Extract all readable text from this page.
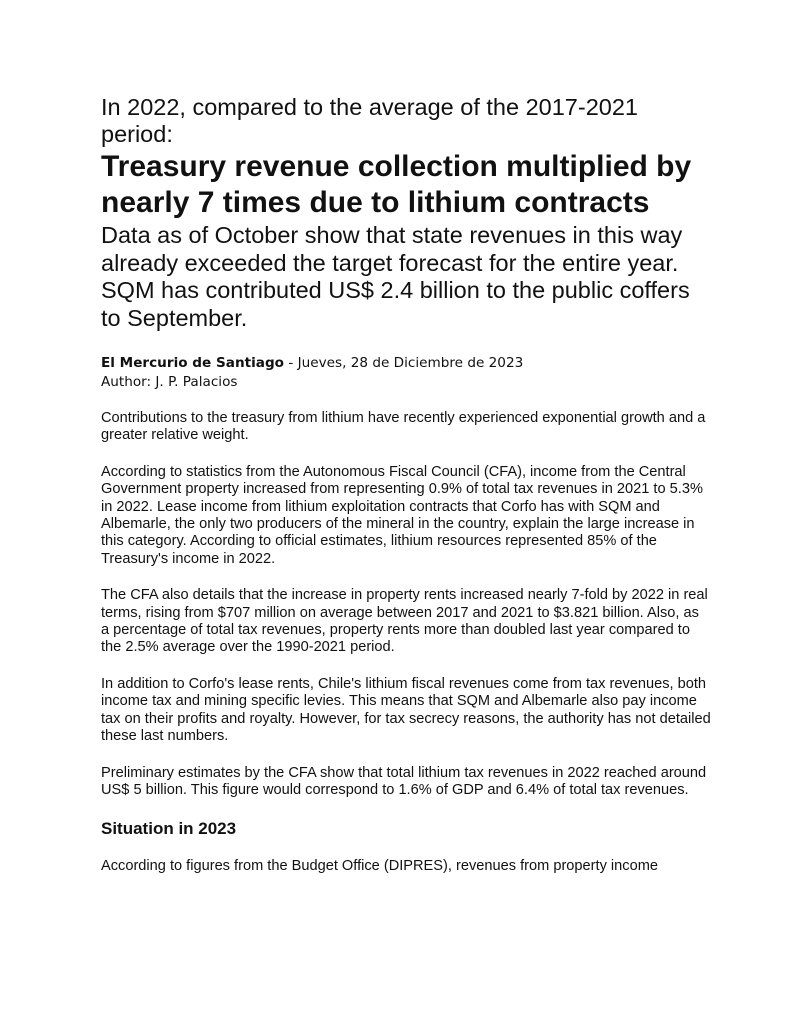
In 2022, compared to the average of the 2017-2021 period:

Treasury revenue collection multiplied by nearly 7 times due to lithium contracts

Data as of October show that state revenues in this way already exceeded the target forecast for the entire year. SQM has contributed US$ 2.4 billion to the public coffers to September.

El Mercurio de Santiago - Jueves, 28 de Diciembre de 2023
Author: J. P. Palacios

Contributions to the treasury from lithium have recently experienced exponential growth and a greater relative weight.

According to statistics from the Autonomous Fiscal Council (CFA), income from the Central Government property increased from representing 0.9% of total tax revenues in 2021 to 5.3% in 2022. Lease income from lithium exploitation contracts that Corfo has with SQM and Albemarle, the only two producers of the mineral in the country, explain the large increase in this category. According to official estimates, lithium resources represented 85% of the Treasury's income in 2022.

The CFA also details that the increase in property rents increased nearly 7-fold by 2022 in real terms, rising from $707 million on average between 2017 and 2021 to $3.821 billion. Also, as a percentage of total tax revenues, property rents more than doubled last year compared to the 2.5% average over the 1990-2021 period.

In addition to Corfo's lease rents, Chile's lithium fiscal revenues come from tax revenues, both income tax and mining specific levies. This means that SQM and Albemarle also pay income tax on their profits and royalty. However, for tax secrecy reasons, the authority has not detailed these last numbers.

Preliminary estimates by the CFA show that total lithium tax revenues in 2022 reached around US$ 5 billion. This figure would correspond to 1.6% of GDP and 6.4% of total tax revenues.

Situation in 2023

According to figures from the Budget Office (DIPRES), revenues from property income
